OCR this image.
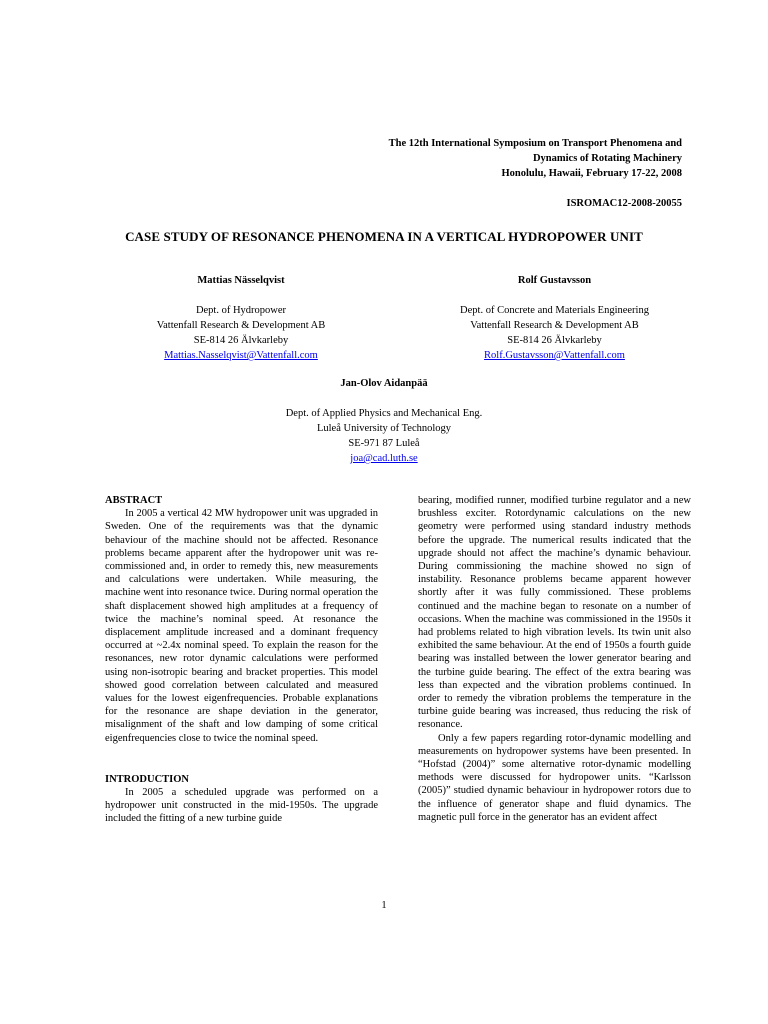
The 12th International Symposium on Transport Phenomena and
Dynamics of Rotating Machinery
Honolulu, Hawaii, February 17-22, 2008
ISROMAC12-2008-20055
CASE STUDY OF RESONANCE PHENOMENA IN A VERTICAL HYDROPOWER UNIT
Mattias Nässelqvist
Dept. of Hydropower
Vattenfall Research & Development AB
SE-814 26 Älvkarleby
Mattias.Nasselqvist@Vattenfall.com
Rolf Gustavsson
Dept. of Concrete and Materials Engineering
Vattenfall Research & Development AB
SE-814 26 Älvkarleby
Rolf.Gustavsson@Vattenfall.com
Jan-Olov Aidanpää
Dept. of Applied Physics and Mechanical Eng.
Luleå University of Technology
SE-971 87 Luleå
joa@cad.luth.se
ABSTRACT

In 2005 a vertical 42 MW hydropower unit was upgraded in Sweden. One of the requirements was that the dynamic behaviour of the machine should not be affected. Resonance problems became apparent after the hydropower unit was re-commissioned and, in order to remedy this, new measurements and calculations were undertaken. While measuring, the machine went into resonance twice. During normal operation the shaft displacement showed high amplitudes at a frequency of twice the machine’s nominal speed. At resonance the displacement amplitude increased and a dominant frequency occurred at ~2.4x nominal speed. To explain the reason for the resonances, new rotor dynamic calculations were performed using non-isotropic bearing and bracket properties. This model showed good correlation between calculated and measured values for the lowest eigenfrequencies. Probable explanations for the resonance are shape deviation in the generator, misalignment of the shaft and low damping of some critical eigenfrequencies close to twice the nominal speed.

INTRODUCTION

In 2005 a scheduled upgrade was performed on a hydropower unit constructed in the mid-1950s. The upgrade included the fitting of a new turbine guide

bearing, modified runner, modified turbine regulator and a new brushless exciter. Rotordynamic calculations on the new geometry were performed using standard industry methods before the upgrade. The numerical results indicated that the upgrade should not affect the machine’s dynamic behaviour. During commissioning the machine showed no sign of instability. Resonance problems became apparent however shortly after it was fully commissioned. These problems continued and the machine began to resonate on a number of occasions. When the machine was commissioned in the 1950s it had problems related to high vibration levels. Its twin unit also exhibited the same behaviour. At the end of 1950s a fourth guide bearing was installed between the lower generator bearing and the turbine guide bearing. The effect of the extra bearing was less than expected and the vibration problems continued. In order to remedy the vibration problems the temperature in the turbine guide bearing was increased, thus reducing the risk of resonance.

Only a few papers regarding rotor-dynamic modelling and measurements on hydropower systems have been presented. In “Hofstad (2004)” some alternative rotor-dynamic modelling methods were discussed for hydropower units. “Karlsson (2005)” studied dynamic behaviour in hydropower rotors due to the influence of generator shape and fluid dynamics. The magnetic pull force in the generator has an evident affect

1
